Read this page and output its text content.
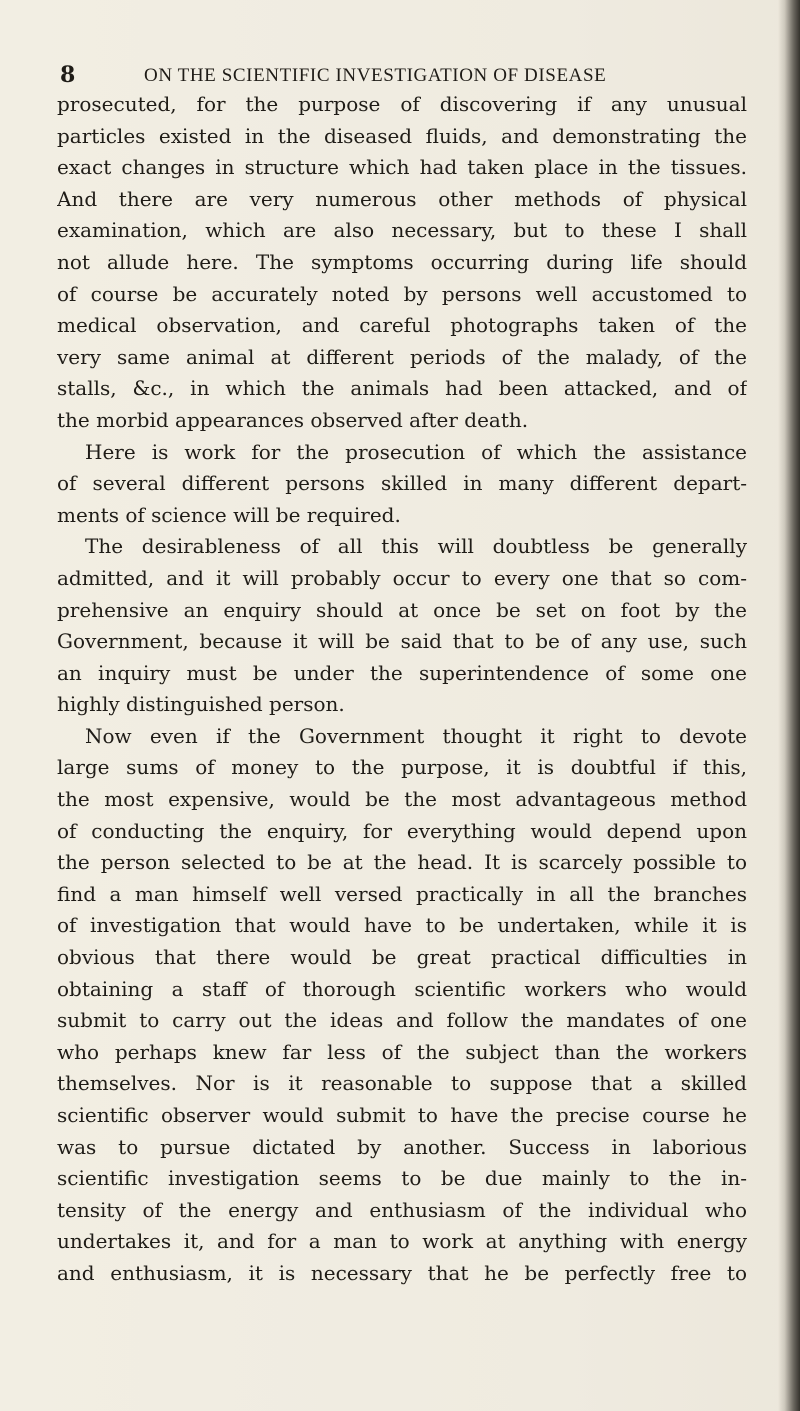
8	ON THE SCIENTIFIC INVESTIGATION OF DISEASE
prosecuted, for the purpose of discovering if any unusual
particles existed in the diseased fluids, and demonstrating the
exact changes in structure which had taken place in the tissues.
And there are very numerous other methods of physical
examination, which are also necessary, but to these I shall
not allude here. The symptoms occurring during life should
of course be accurately noted by persons well accustomed to
medical observation, and careful photographs taken of the
very same animal at different periods of the malady, of the
stalls, &c., in which the animals had been attacked, and of
the morbid appearances observed after death.
Here is work for the prosecution of which the assistance
of several different persons skilled in many different depart-
ments of science will be required.
The desirableness of all this will doubtless be generally
admitted, and it will probably occur to every one that so com-
prehensive an enquiry should at once be set on foot by the
Government, because it will be said that to be of any use, such
an inquiry must be under the superintendence of some one
highly distinguished person.
Now even if the Government thought it right to devote
large sums of money to the purpose, it is doubtful if this,
the most expensive, would be the most advantageous method
of conducting the enquiry, for everything would depend upon
the person selected to be at the head. It is scarcely possible to
find a man himself well versed practically in all the branches
of investigation that would have to be undertaken, while it is
obvious that there would be great practical difficulties in
obtaining a staff of thorough scientific workers who would
submit to carry out the ideas and follow the mandates of one
who perhaps knew far less of the subject than the workers
themselves. Nor is it reasonable to suppose that a skilled
scientific observer would submit to have the precise course he
was to pursue dictated by another. Success in laborious
scientific investigation seems to be due mainly to the in-
tensity of the energy and enthusiasm of the individual who
undertakes it, and for a man to work at anything with energy
and enthusiasm, it is necessary that he be perfectly free to
